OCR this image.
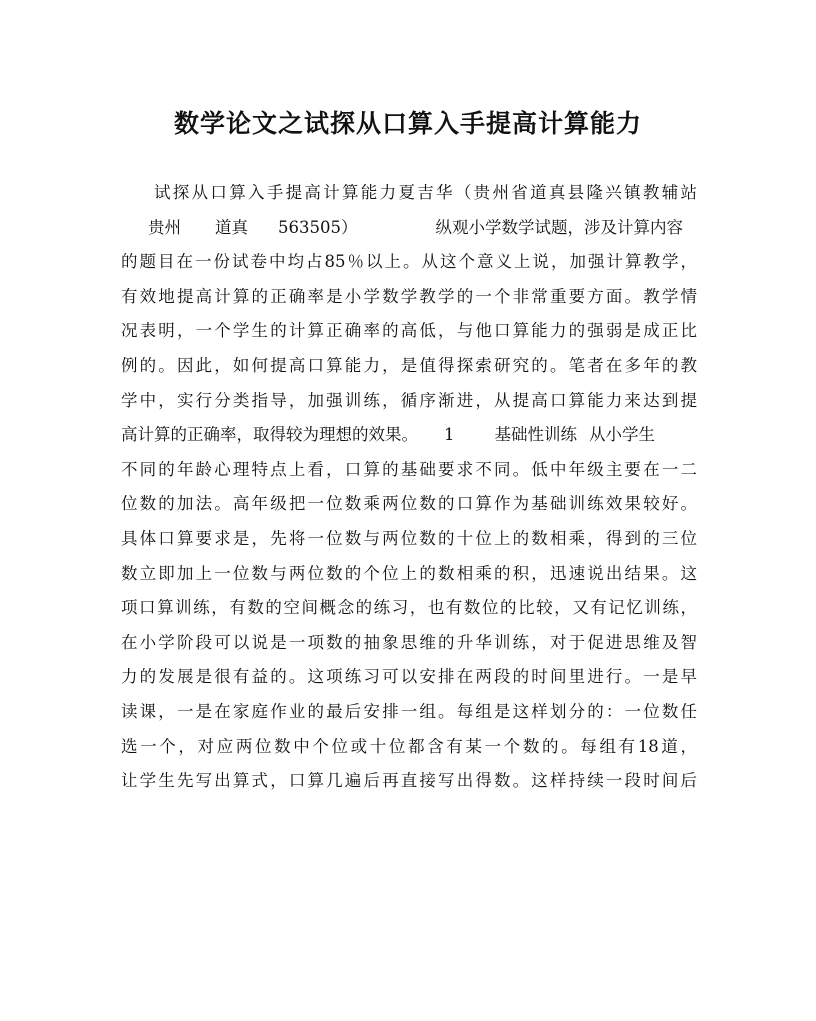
数学论文之试探从口算入手提高计算能力
试探从口算入手提高计算能力夏吉华（贵州省道真县隆兴镇教辅站
贵州 道真 563505）	纵观小学数学试题，涉及计算内容
的题目在一份试卷中均占85％以上。从这个意义上说，加强计算教学，
有效地提高计算的正确率是小学数学教学的一个非常重要方面。教学情
况表明，一个学生的计算正确率的高低，与他口算能力的强弱是成正比
例的。因此，如何提高口算能力，是值得探索研究的。笔者在多年的教
学中，实行分类指导，加强训练，循序渐进，从提高口算能力来达到提
高计算的正确率，取得较为理想的效果。 1 基础性训练 从小学生
不同的年龄心理特点上看，口算的基础要求不同。低中年级主要在一二
位数的加法。高年级把一位数乘两位数的口算作为基础训练效果较好。
具体口算要求是，先将一位数与两位数的十位上的数相乘，得到的三位
数立即加上一位数与两位数的个位上的数相乘的积，迅速说出结果。这
项口算训练，有数的空间概念的练习，也有数位的比较，又有记忆训练，
在小学阶段可以说是一项数的抽象思维的升华训练，对于促进思维及智
力的发展是很有益的。这项练习可以安排在两段的时间里进行。一是早
读课，一是在家庭作业的最后安排一组。每组是这样划分的：一位数任
选一个，对应两位数中个位或十位都含有某一个数的。每组有18道，
让学生先写出算式，口算几遍后再直接写出得数。这样持续一段时间后
